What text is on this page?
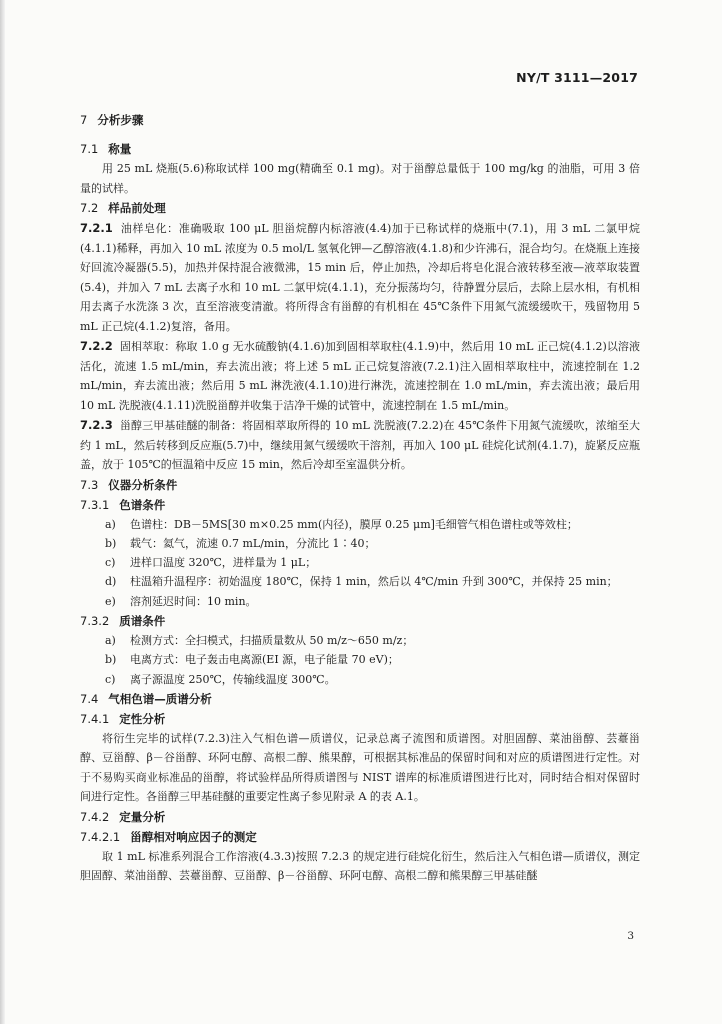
NY/T 3111—2017

7 分析步骤

7.1 称量

用 25 mL 烧瓶(5.6)称取试样 100 mg(精确至 0.1 mg)。对于甾醇总量低于 100 mg/kg 的油脂，可用 3 倍量的试样。

7.2 样品前处理

7.2.1 油样皂化：准确吸取 100 μL 胆甾烷醇内标溶液(4.4)加于已称试样的烧瓶中(7.1)，用 3 mL 二氯甲烷(4.1.1)稀释，再加入 10 mL 浓度为 0.5 mol/L 氢氧化钾—乙醇溶液(4.1.8)和少许沸石，混合均匀。在烧瓶上连接好回流冷凝器(5.5)，加热并保持混合液微沸，15 min 后，停止加热，冷却后将皂化混合液转移至液—液萃取装置(5.4)，并加入 7 mL 去离子水和 10 mL 二氯甲烷(4.1.1)，充分振荡均匀，待静置分层后，去除上层水相，有机相用去离子水洗涤 3 次，直至溶液变清澈。将所得含有甾醇的有机相在 45℃条件下用氮气流缓缓吹干，残留物用 5 mL 正己烷(4.1.2)复溶，备用。

7.2.2 固相萃取：称取 1.0 g 无水硫酸钠(4.1.6)加到固相萃取柱(4.1.9)中，然后用 10 mL 正己烷(4.1.2)以溶液活化，流速 1.5 mL/min，弃去流出液；将上述 5 mL 正己烷复溶液(7.2.1)注入固相萃取柱中，流速控制在 1.2 mL/min，弃去流出液；然后用 5 mL 淋洗液(4.1.10)进行淋洗，流速控制在 1.0 mL/min，弃去流出液；最后用 10 mL 洗脱液(4.1.11)洗脱甾醇并收集于洁净干燥的试管中，流速控制在 1.5 mL/min。

7.2.3 甾醇三甲基硅醚的制备：将固相萃取所得的 10 mL 洗脱液(7.2.2)在 45℃条件下用氮气流缓吹，浓缩至大约 1 mL，然后转移到反应瓶(5.7)中，继续用氮气缓缓吹干溶剂，再加入 100 μL 硅烷化试剂(4.1.7)，旋紧反应瓶盖，放于 105℃的恒温箱中反应 15 min，然后冷却至室温供分析。

7.3 仪器分析条件

7.3.1 色谱条件

a)	色谱柱：DB－5MS[30 m×0.25 mm(内径)，膜厚 0.25 μm]毛细管气相色谱柱或等效柱；
b)	载气：氦气，流速 0.7 mL/min，分流比 1∶40；
c)	进样口温度 320℃，进样量为 1 μL；
d)	柱温箱升温程序：初始温度 180℃，保持 1 min，然后以 4℃/min 升到 300℃，并保持 25 min；
e)	溶剂延迟时间：10 min。

7.3.2 质谱条件

a)	检测方式：全扫模式，扫描质量数从 50 m/z～650 m/z；
b)	电离方式：电子轰击电离源(EI 源，电子能量 70 eV)；
c)	离子源温度 250℃，传输线温度 300℃。

7.4 气相色谱—质谱分析

7.4.1 定性分析

将衍生完毕的试样(7.2.3)注入气相色谱—质谱仪，记录总离子流图和质谱图。对胆固醇、菜油甾醇、芸薹甾醇、豆甾醇、β－谷甾醇、环阿屯醇、高根二醇、熊果醇，可根据其标准品的保留时间和对应的质谱图进行定性。对于不易购买商业标准品的甾醇，将试验样品所得质谱图与 NIST 谱库的标准质谱图进行比对，同时结合相对保留时间进行定性。各甾醇三甲基硅醚的重要定性离子参见附录 A 的表 A.1。

7.4.2 定量分析

7.4.2.1 甾醇相对响应因子的测定

取 1 mL 标准系列混合工作溶液(4.3.3)按照 7.2.3 的规定进行硅烷化衍生，然后注入气相色谱—质谱仪，测定胆固醇、菜油甾醇、芸薹甾醇、豆甾醇、β－谷甾醇、环阿屯醇、高根二醇和熊果醇三甲基硅醚

3
